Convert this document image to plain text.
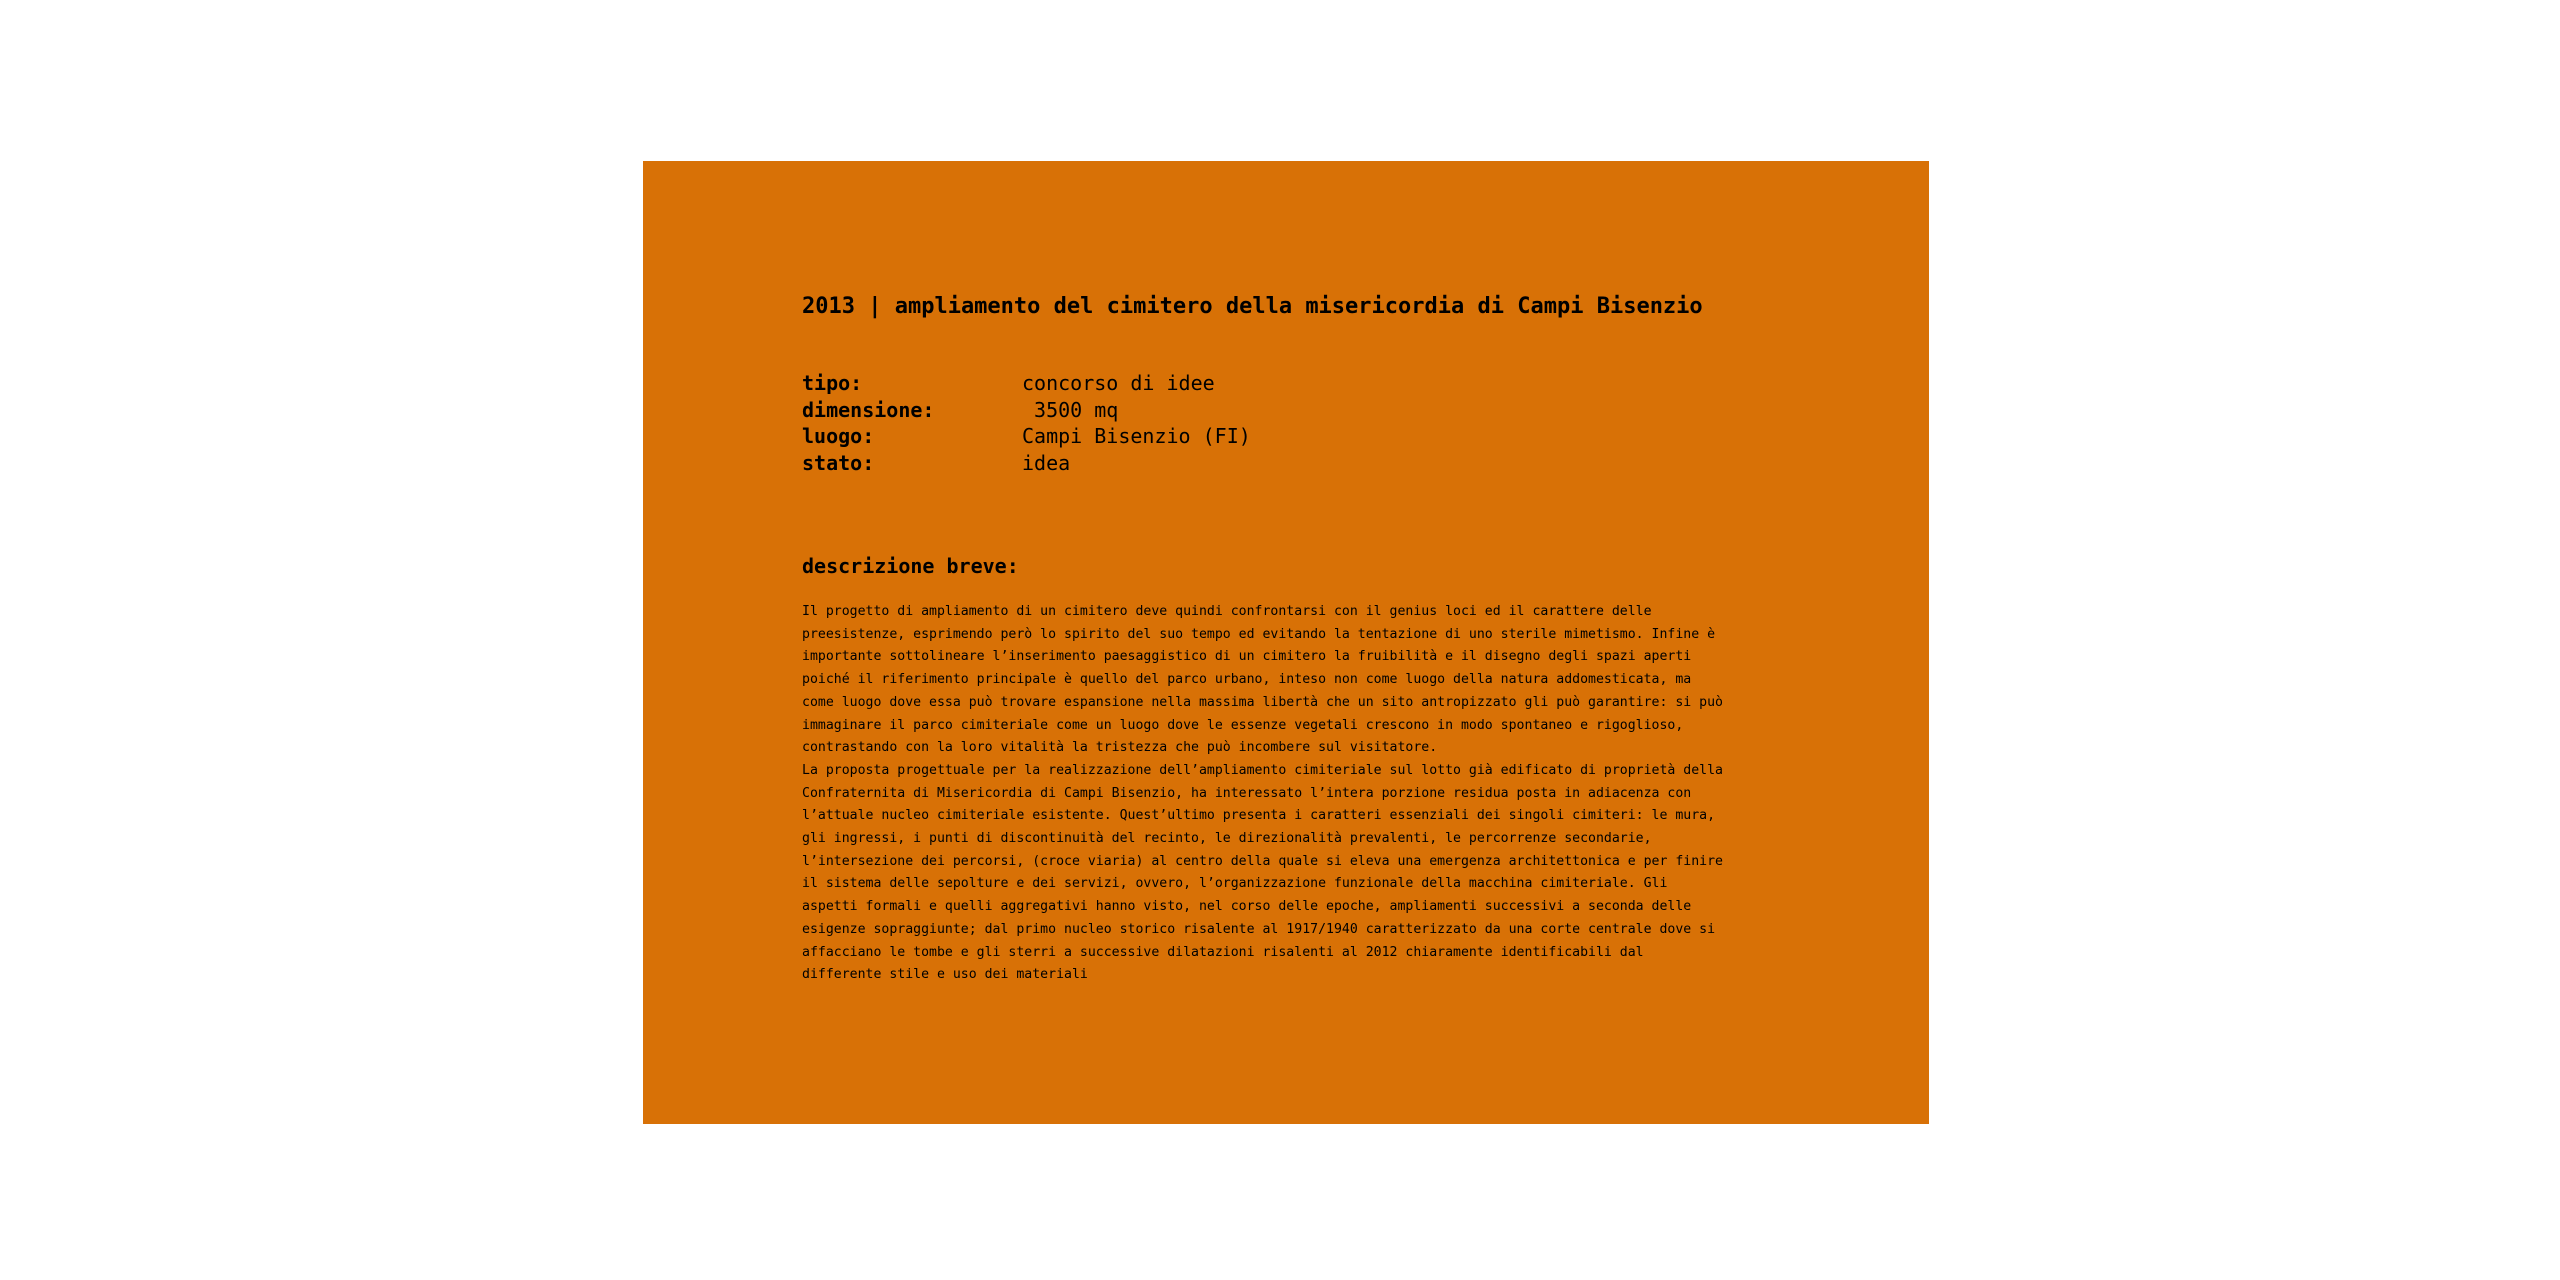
2013 | ampliamento del cimitero della misericordia di Campi Bisenzio
tipo:	concorso di idee
dimensione:	3500 mq
luogo:	Campi Bisenzio (FI)
stato:	idea
descrizione breve:
Il progetto di ampliamento di un cimitero deve quindi confrontarsi con il genius loci ed il carattere delle
preesistenze, esprimendo però lo spirito del suo tempo ed evitando la tentazione di uno sterile mimetismo. Infine è
importante sottolineare l’inserimento paesaggistico di un cimitero la fruibilità e il disegno degli spazi aperti
poiché il riferimento principale è quello del parco urbano, inteso non come luogo della natura addomesticata, ma
come luogo dove essa può trovare espansione nella massima libertà che un sito antropizzato gli può garantire: si può
immaginare il parco cimiteriale come un luogo dove le essenze vegetali crescono in modo spontaneo e rigoglioso,
contrastando con la loro vitalità la tristezza che può incombere sul visitatore.
La proposta progettuale per la realizzazione dell’ampliamento cimiteriale sul lotto già edificato di proprietà della
Confraternita di Misericordia di Campi Bisenzio, ha interessato l’intera porzione residua posta in adiacenza con
l’attuale nucleo cimiteriale esistente. Quest’ultimo presenta i caratteri essenziali dei singoli cimiteri: le mura,
gli ingressi, i punti di discontinuità del recinto, le direzionalità prevalenti, le percorrenze secondarie,
l’intersezione dei percorsi, (croce viaria) al centro della quale si eleva una emergenza architettonica e per finire
il sistema delle sepolture e dei servizi, ovvero, l’organizzazione funzionale della macchina cimiteriale. Gli
aspetti formali e quelli aggregativi hanno visto, nel corso delle epoche, ampliamenti successivi a seconda delle
esigenze sopraggiunte; dal primo nucleo storico risalente al 1917/1940 caratterizzato da una corte centrale dove si
affacciano le tombe e gli sterri a successive dilatazioni risalenti al 2012 chiaramente identificabili dal
differente stile e uso dei materiali
